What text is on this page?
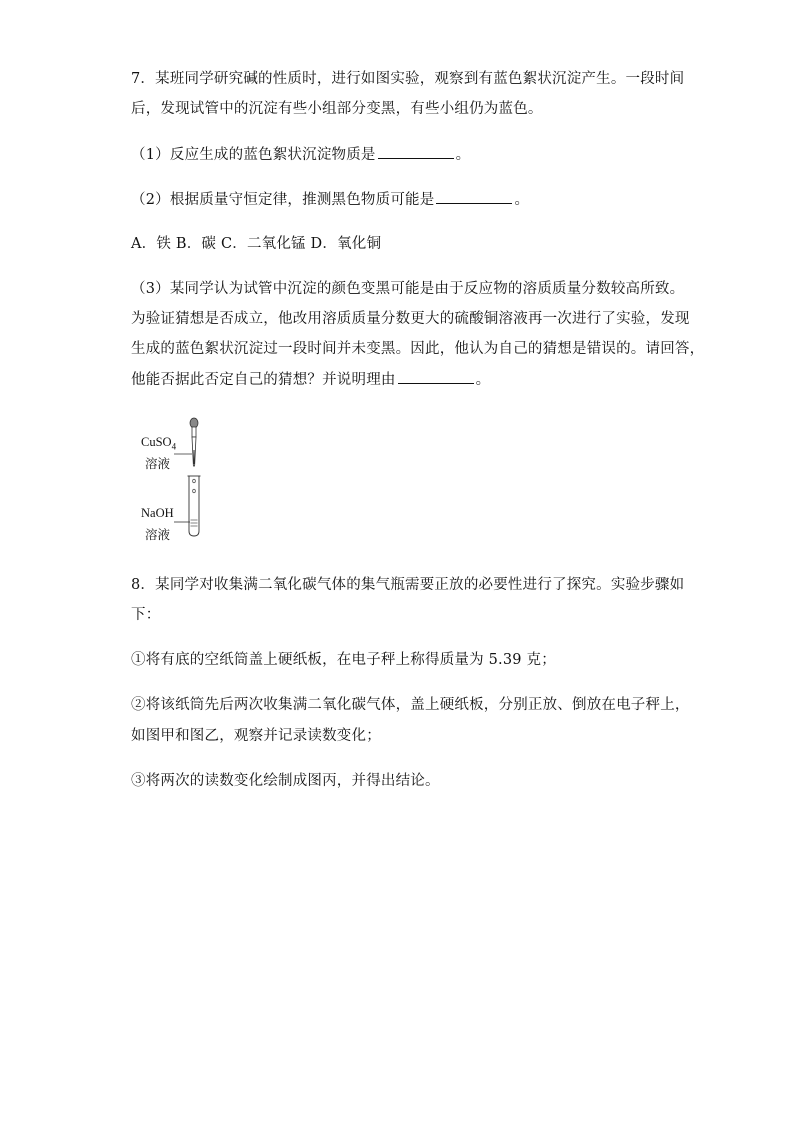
7．某班同学研究碱的性质时，进行如图实验，观察到有蓝色絮状沉淀产生。一段时间
后，发现试管中的沉淀有些小组部分变黑，有些小组仍为蓝色。
（1）反应生成的蓝色絮状沉淀物质是	。
（2）根据质量守恒定律，推测黑色物质可能是	。
A．铁 B．碳 C．二氧化锰 D．氧化铜
（3）某同学认为试管中沉淀的颜色变黑可能是由于反应物的溶质质量分数较高所致。
为验证猜想是否成立，他改用溶质质量分数更大的硫酸铜溶液再一次进行了实验，发现
生成的蓝色絮状沉淀过一段时间并未变黑。因此，他认为自己的猜想是错误的。请回答，
他能否据此否定自己的猜想？并说明理由	。
CuSO$_4$
溶液
NaOH
溶液
8．某同学对收集满二氧化碳气体的集气瓶需要正放的必要性进行了探究。实验步骤如
下：
①将有底的空纸筒盖上硬纸板，在电子秤上称得质量为 5.39 克；
②将该纸筒先后两次收集满二氧化碳气体，盖上硬纸板，分别正放、倒放在电子秤上，
如图甲和图乙，观察并记录读数变化；
③将两次的读数变化绘制成图丙，并得出结论。
